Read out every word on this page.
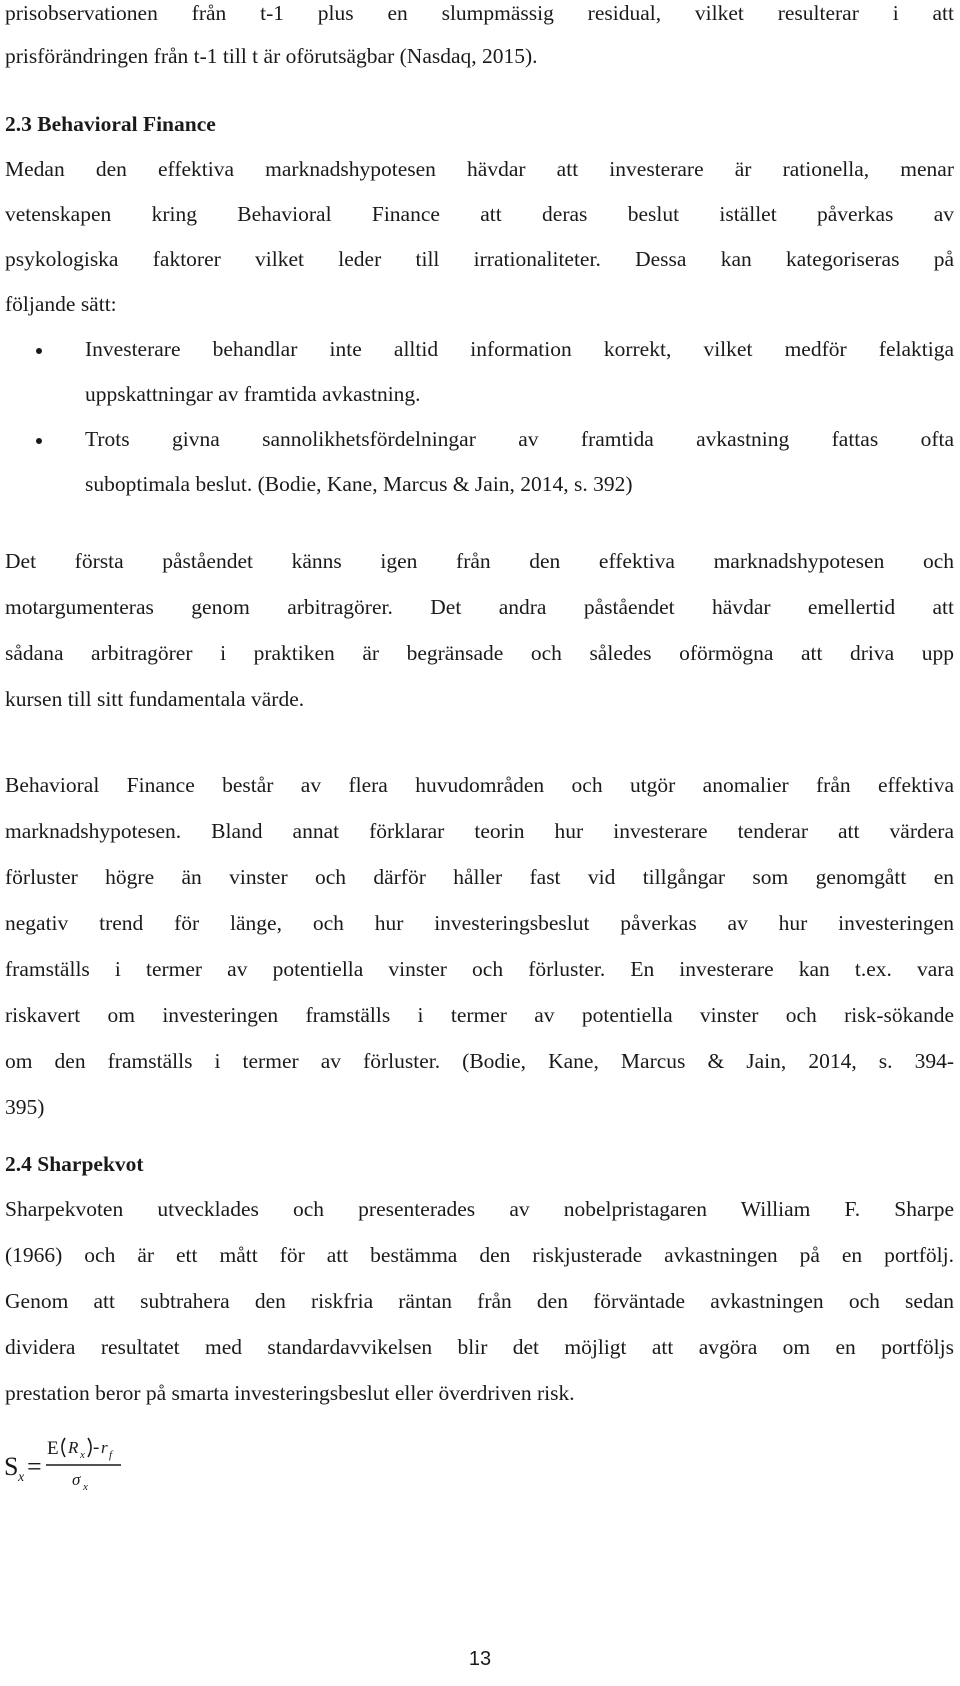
prisobservationen från t-1 plus en slumpmässig residual, vilket resulterar i att
prisförändringen från t-1 till t är oförutsägbar (Nasdaq, 2015).
2.3 Behavioral Finance
Medan den effektiva marknadshypotesen hävdar att investerare är rationella, menar
vetenskapen kring Behavioral Finance att deras beslut istället påverkas av
psykologiska faktorer vilket leder till irrationaliteter. Dessa kan kategoriseras på
följande sätt:
Investerare behandlar inte alltid information korrekt, vilket medför felaktiga
uppskattningar av framtida avkastning.
Trots givna sannolikhetsfördelningar av framtida avkastning fattas ofta
suboptimala beslut. (Bodie, Kane, Marcus & Jain, 2014, s. 392)
Det första påståendet känns igen från den effektiva marknadshypotesen och
motargumenteras genom arbitragörer. Det andra påståendet hävdar emellertid att
sådana arbitragörer i praktiken är begränsade och således oförmögna att driva upp
kursen till sitt fundamentala värde.
Behavioral Finance består av flera huvudområden och utgör anomalier från effektiva
marknadshypotesen. Bland annat förklarar teorin hur investerare tenderar att värdera
förluster högre än vinster och därför håller fast vid tillgångar som genomgått en
negativ trend för länge, och hur investeringsbeslut påverkas av hur investeringen
framställs i termer av potentiella vinster och förluster. En investerare kan t.ex. vara
riskavert om investeringen framställs i termer av potentiella vinster och risk-sökande
om den framställs i termer av förluster. (Bodie, Kane, Marcus & Jain, 2014, s. 394-
395)
2.4 Sharpekvot
Sharpekvoten utvecklades och presenterades av nobelpristagaren William F. Sharpe
(1966) och är ett mått för att bestämma den riskjusterade avkastningen på en portfölj.
Genom att subtrahera den riskfria räntan från den förväntade avkastningen och sedan
dividera resultatet med standardavvikelsen blir det möjligt att avgöra om en portföljs
prestation beror på smarta investeringsbeslut eller överdriven risk.
S x =
E R x - r f
σ x
13
